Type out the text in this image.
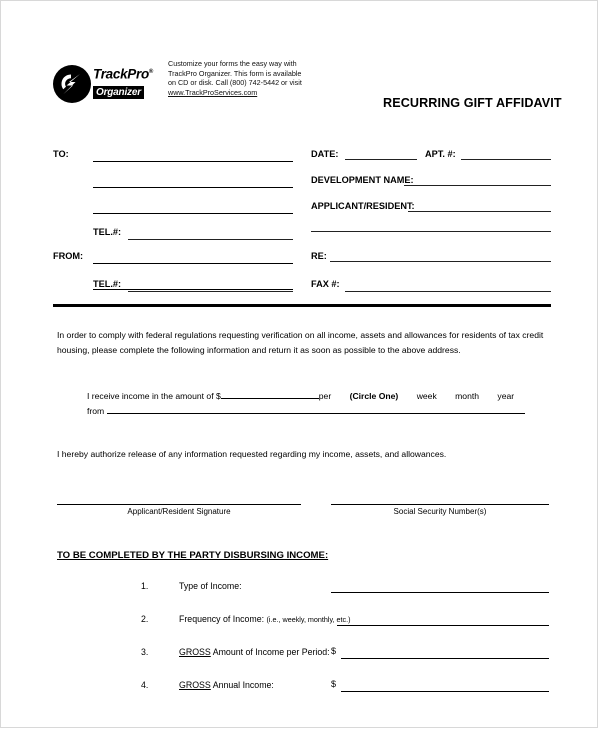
TrackPro®
Organizer
Customize your forms the easy way with
TrackPro Organizer. This form is available
on CD or disk. Call (800) 742-5442 or visit
www.TrackProServices.com
RECURRING GIFT AFFIDAVIT
TO:
TEL.#:
FROM:
TEL.#:
DATE:	APT. #:
DEVELOPMENT NAME:
APPLICANT/RESIDENT:
RE:
FAX #:
In order to comply with federal regulations requesting verification on all income, assets and allowances for residents of tax credit housing, please complete the following information and return it as soon as possible to the above address.
I receive income in the amount of $	per (Circle One) week month year
from
I hereby authorize release of any information requested regarding my income, assets, and allowances.
Applicant/Resident Signature	Social Security Number(s)
TO BE COMPLETED BY THE PARTY DISBURSING INCOME:
1.	Type of Income:
2.	Frequency of Income: (i.e., weekly, monthly, etc.)
3.	GROSS Amount of Income per Period: $
4.	GROSS Annual Income:	$
